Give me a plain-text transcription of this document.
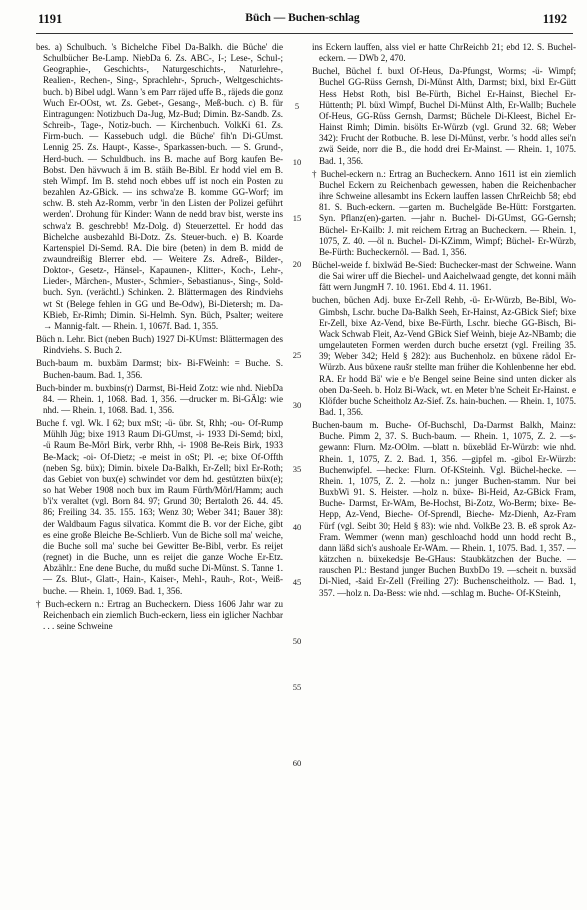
1191	Büch — Buchen-schlag	1192

bes. a) Schulbuch. 's Bichelche Fibel Da-Balkh. die Büche' die Schulbücher Be-Lamp. NiebDa 6. Zs. ABC-, I-; Lese-, Schul-; Geographie-, Geschichts-, Naturgeschichts-, Naturlehre-, Realien-, Rechen-, Sing-, Sprachlehr-, Spruch-, Weltgeschichts-buch. b) Bibel udgl. Wann 's em Parr räjed uffe B., räjeds die gonz Wuch Er-OOst, wt. Zs. Gebet-, Gesang-, Meß-buch. c) B. für Eintragungen: Notizbuch Da-Jug, Mz-Bud; Dimin. Bz-Sandb. Zs. Schreib-, Tage-, Notiz-buch. — Kirchenbuch. VolkKi 61. Zs. Firm-buch. — Kassebuch udgl. die Büche' fih'n Di-GUmst. Lennig 25. Zs. Haupt-, Kasse-, Sparkassen-buch. — S. Grund-, Herd-buch. — Schuldbuch. ins B. mache auf Borg kaufen Be-Bobst. Den hävwuch ä im B. stäih Be-Bibl. Er hodd viel em B. steh Wimpf. Im B. stehd noch ebbes uff ist noch ein Posten zu bezahlen Az-GBick. — ins schwa'ze B. komme GG-Worf; im schw. B. steh Az-Romm, verbr 'in den Listen der Polizei geführt werden'. Drohung für Kinder: Wann de nedd brav bist, werste ins schwa'z B. geschrebb! Mz-Dolg. d) Steuerzettel. Er hodd das Bichelche ausbezahld Bi-Dotz. Zs. Steuer-buch. e) B. Koarde Kartenspiel Di-Semd. RA. Die bire (beten) in dem B. midd de zwaundreißig Blerrer ebd. — Weitere Zs. Adreß-, Bilder-, Doktor-, Gesetz-, Hänsel-, Kapaunen-, Klitter-, Koch-, Lehr-, Lieder-, Märchen-, Muster-, Schmier-, Sebastianus-, Sing-, Sold-buch. Syn. (verächtl.) Schinken. 2. Blättermagen des Rindviehs wt St (Belege fehlen in GG und Be-Odw), Bi-Dietersh; m. Da-KBieb, Er-Rimh; Dimin. Si-Helmh. Syn. Büch, Psalter; weitere → Mannig-falt. — Rhein. 1, 1067f. Bad. 1, 355.

Büch n. Lehr. Bict (neben Buch) 1927 Di-KUmst: Blättermagen des Rindviehs. S. Buch 2.

Buch-baum m. buxbäm Darmst; bix- Bi-FWeinh: = Buche. S. Buchen-baum. Bad. 1, 356.

Buch-binder m. buxbins(r) Darmst, Bi-Heid Zotz: wie nhd. NiebDa 84. — Rhein. 1, 1068. Bad. 1, 356. —drucker m. Bi-GÄlg: wie nhd. — Rhein. 1, 1068. Bad. 1, 356.

Buche f. vgl. Wk. I 62; bux mSt; -ü- übr. St, Rhh; -ou- Of-Rump Mühlh Jüg; bixe 1913 Raum Di-GUmst, -i- 1933 Di-Semd; bixl, -ü Raum Be-Mörl Birk, verbr Rhh, -i- 1908 Be-Reis Birk, 1933 Be-Mack; -oi- Of-Dietz; -e meist in oSt; Pl. -e; bixe Of-Offth (neben Sg. büx); Dimin. bixele Da-Balkh, Er-Zell; bixl Er-Roth; das Gebiet von bux(e) schwindet vor dem hd. gestützten büx(e); so hat Weber 1908 noch bux im Raum Fürth/Mörl/Hamm; auch b'i'x veraltet (vgl. Born 84. 97; Grund 30; Bertaloth 26. 44. 45. 86; Freiling 34. 35. 155. 163; Wenz 30; Weber 341; Bauer 38): der Waldbaum Fagus silvatica. Kommt die B. vor der Eiche, gibt es eine große Bleiche Be-Schlierb. Vun de Biche soll ma' weiche, die Buche soll ma' suche bei Gewitter Be-Bibl, verbr. Es reijet (regnet) in die Buche, unn es reijet die ganze Woche Er-Etz. Abzählr.: Ene dene Buche, du mußd suche Di-Münst. S. Tanne 1. — Zs. Blut-, Glatt-, Hain-, Kaiser-, Mehl-, Rauh-, Rot-, Weiß-buche. — Rhein. 1, 1069. Bad. 1, 356.

† Buch-eckern n.: Ertrag an Bucheckern. Diess 1606 Jahr war zu Reichenbach ein ziemlich Buch-eckern, liess ein iglicher Nachbar . . . seine Schweine

5
10
15
20
25
30
35
40
45
50
55
60

ins Eckern lauffen, alss viel er hatte ChrReichb 21; ebd 12. S. Buchel-eckern. — DWb 2, 470.

Buchel, Büchel f. buxl Of-Heus, Da-Pfungst, Worms; -ü- Wimpf; Buchel GG-Rüss Gernsh, Di-Münst Alth, Darmst; bixl, bixl Er-Gütt Hess Hebst Roth, bisl Be-Fürth, Bichel Er-Hainst, Biechel Er-Hüttenth; Pl. büxl Wimpf, Buchel Di-Münst Alth, Er-Wallb; Buchele Of-Heus, GG-Rüss Gernsh, Darmst; Büchele Di-Kleest, Bichel Er-Hainst Rimh; Dimin. bisölts Er-Würzb (vgl. Grund 32. 68; Weber 342): Frucht der Rotbuche. B. lese Di-Münst, verbr. 's hodd alles sei'n zwä Seide, norr die B., die hodd drei Er-Mainst. — Rhein. 1, 1075. Bad. 1, 356.

† Buchel-eckern n.: Ertrag an Bucheckern. Anno 1611 ist ein ziemlich Buchel Eckern zu Reichenbach gewessen, haben die Reichenbacher ihre Schweine allesambt ins Eckern lauffen lassen ChrReichb 58; ebd 81. S. Buch-eckern. —garten m. Buchelgäde Be-Hütt: Forstgarten. Syn. Pflanz(en)-garten. —jahr n. Buchel- Di-GUmst, GG-Gernsh; Büchel- Er-Kailb: J. mit reichem Ertrag an Bucheckern. — Rhein. 1, 1075, Z. 40. —öl n. Buchel- Di-KZimm, Wimpf; Büchel- Er-Würzb, Be-Fürth: Bucheckernöl. — Bad. 1, 356.

Büchel-weide f. bixlwäd Be-Sied: Buchecker-mast der Schweine. Wann die Sai wirer uff die Biechel- und Aaichelwaad gengte, det konni mäih fätt wern JungmH 7. 10. 1961. Ebd 4. 11. 1961.

buchen, büchen Adj. buxe Er-Zell Rehb, -ü- Er-Würzb, Be-Bibl, Wo-Gimbsh, Lschr. buche Da-Balkh Seeh, Er-Hainst, Az-GBick Sief; bixe Er-Zell, bixe Az-Vend, bixe Be-Fürth, Lschr. bieche GG-Bisch, Bi-Wack Schwab Fleit, Az-Vend GBick Sief Weinh, bieje Az-NBamb; die umgelauteten Formen werden durch buche ersetzt (vgl. Freiling 35. 39; Weber 342; Held § 282): aus Buchenholz. en büxene rädol Er-Würzb. Aus büxene raušr stellte man früher die Kohlenbenne her ebd. RA. Er hodd Bä' wie e b'e Bengel seine Beine sind unten dicker als oben Da-Seeh. b. Holz Bi-Wack, wt. en Meter b'ne Scheit Er-Hainst. e Klöfder buche Scheitholz Az-Sief. Zs. hain-buchen. — Rhein. 1, 1075. Bad. 1, 356.

Buchen-baum m. Buche- Of-Buchschl, Da-Darmst Balkh, Mainz: Buche. Pimm 2, 37. S. Buch-baum. — Rhein. 1, 1075, Z. 2. —s-gewann: Flurn. Mz-OOlm. —blatt n. büxebläd Er-Würzb: wie nhd. Rhein. 1, 1075, Z. 2. Bad. 1, 356. —gipfel m. -gibol Er-Würzb: Buchenwipfel. —hecke: Flurn. Of-KSteinh. Vgl. Büchel-hecke. — Rhein. 1, 1075, Z. 2. —holz n.: junger Buchen-stamm. Nur bei BuxbWi 91. S. Heister. —holz n. büxe- Bi-Heid, Az-GBick Fram, Buche- Darmst, Er-WAm, Be-Hochst, Bi-Zotz, Wo-Berm; bixe- Be-Hepp, Az-Vend, Bieche- Of-Sprendl, Bieche- Mz-Dienh, Az-Fram Fürf (vgl. Seibt 30; Held § 83): wie nhd. VolkBe 23. B. eß sprok Az-Fram. Wemmer (wenn man) geschloachd hodd unn hodd recht B., dann läßd sich's aushoale Er-WAm. — Rhein. 1, 1075. Bad. 1, 357. —kätzchen n. büxekedsje Be-GHaus: Staubkätzchen der Buche. —rauschen Pl.: Bestand junger Buchen BuxbDo 19. —scheit n. buxsäd Di-Nied, -šaid Er-Zell (Freiling 27): Buchenscheitholz. — Bad. 1, 357. —holz n. Da-Bess: wie nhd. —schlag m. Buche- Of-KSteinh,
